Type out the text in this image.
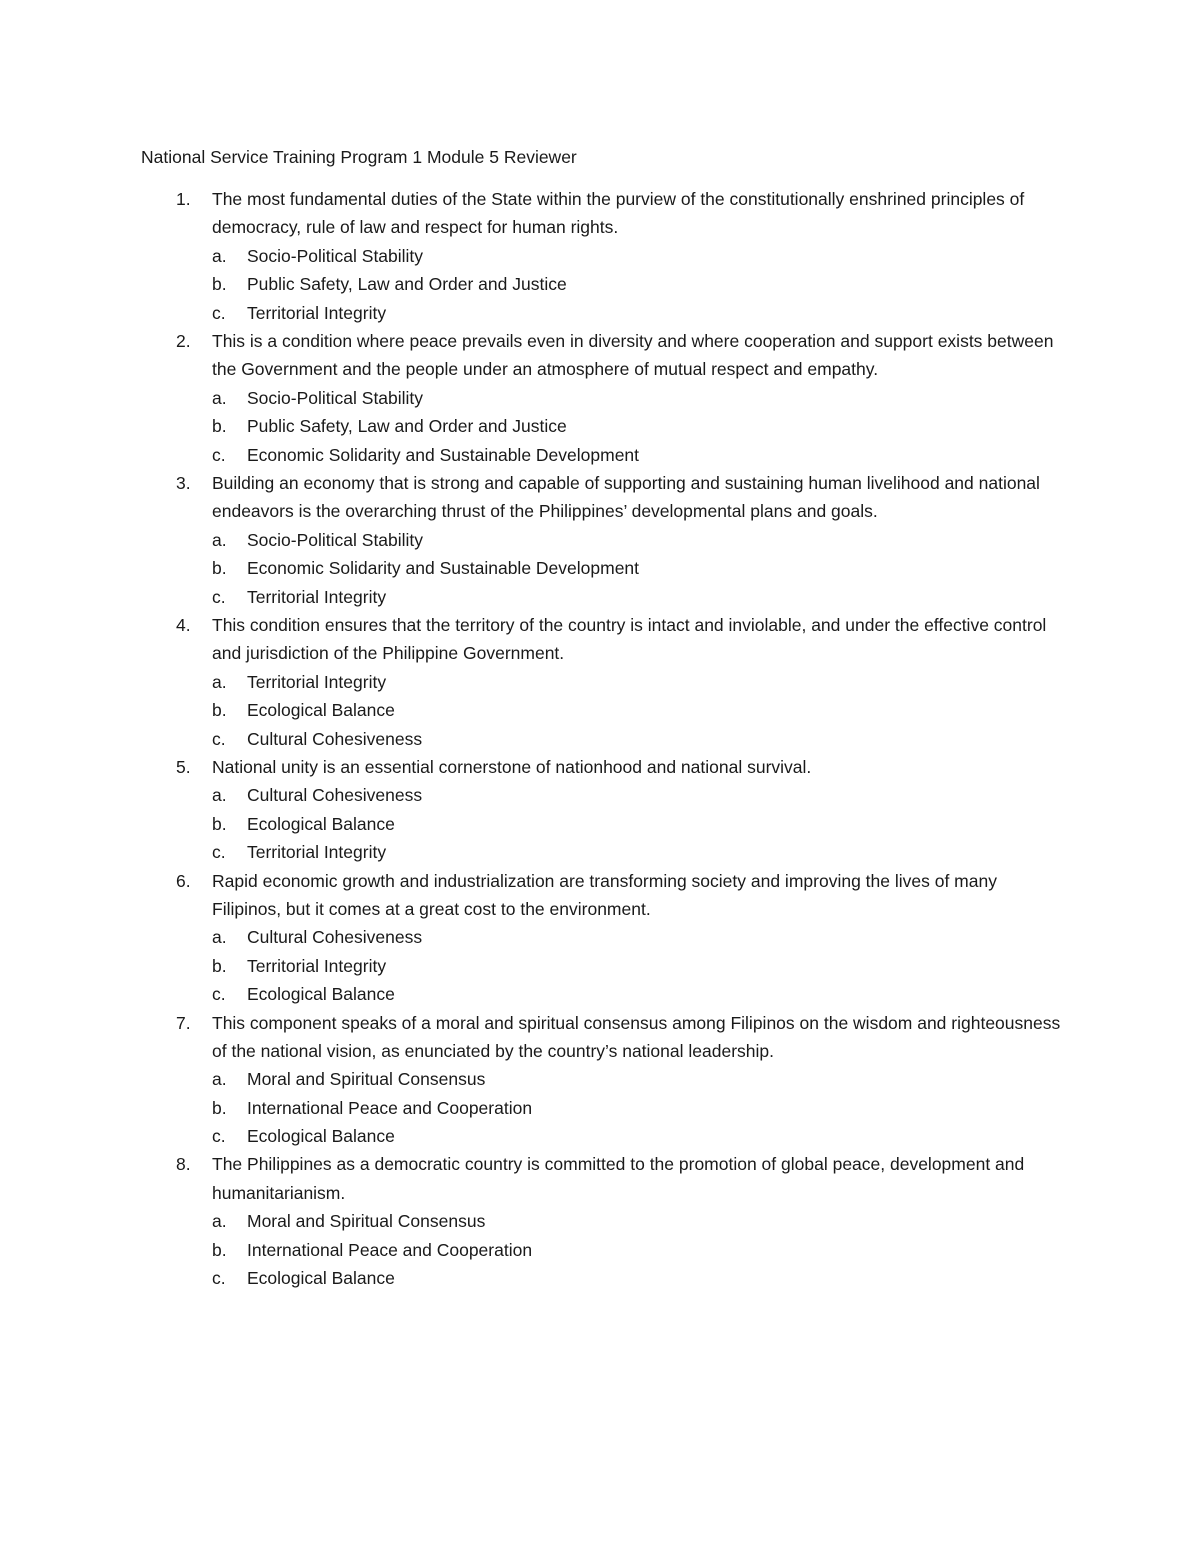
National Service Training Program 1 Module 5 Reviewer
1. The most fundamental duties of the State within the purview of the constitutionally enshrined principles of democracy, rule of law and respect for human rights.

a. Socio-Political Stability
b. Public Safety, Law and Order and Justice
c. Territorial Integrity
2. This is a condition where peace prevails even in diversity and where cooperation and support exists between the Government and the people under an atmosphere of mutual respect and empathy.

a. Socio-Political Stability
b. Public Safety, Law and Order and Justice
c. Economic Solidarity and Sustainable Development
3. Building an economy that is strong and capable of supporting and sustaining human livelihood and national endeavors is the overarching thrust of the Philippines’ developmental plans and goals.

a. Socio-Political Stability
b. Economic Solidarity and Sustainable Development
c. Territorial Integrity
4. This condition ensures that the territory of the country is intact and inviolable, and under the effective control and jurisdiction of the Philippine Government.

a. Territorial Integrity
b. Ecological Balance
c. Cultural Cohesiveness
5. National unity is an essential cornerstone of nationhood and national survival.

a. Cultural Cohesiveness
b. Ecological Balance
c. Territorial Integrity
6. Rapid economic growth and industrialization are transforming society and improving the lives of many Filipinos, but it comes at a great cost to the environment.

a. Cultural Cohesiveness
b. Territorial Integrity
c. Ecological Balance
7. This component speaks of a moral and spiritual consensus among Filipinos on the wisdom and righteousness of the national vision, as enunciated by the country’s national leadership.

a. Moral and Spiritual Consensus
b. International Peace and Cooperation
c. Ecological Balance
8. The Philippines as a democratic country is committed to the promotion of global peace, development and humanitarianism.

a. Moral and Spiritual Consensus
b. International Peace and Cooperation
c. Ecological Balance
